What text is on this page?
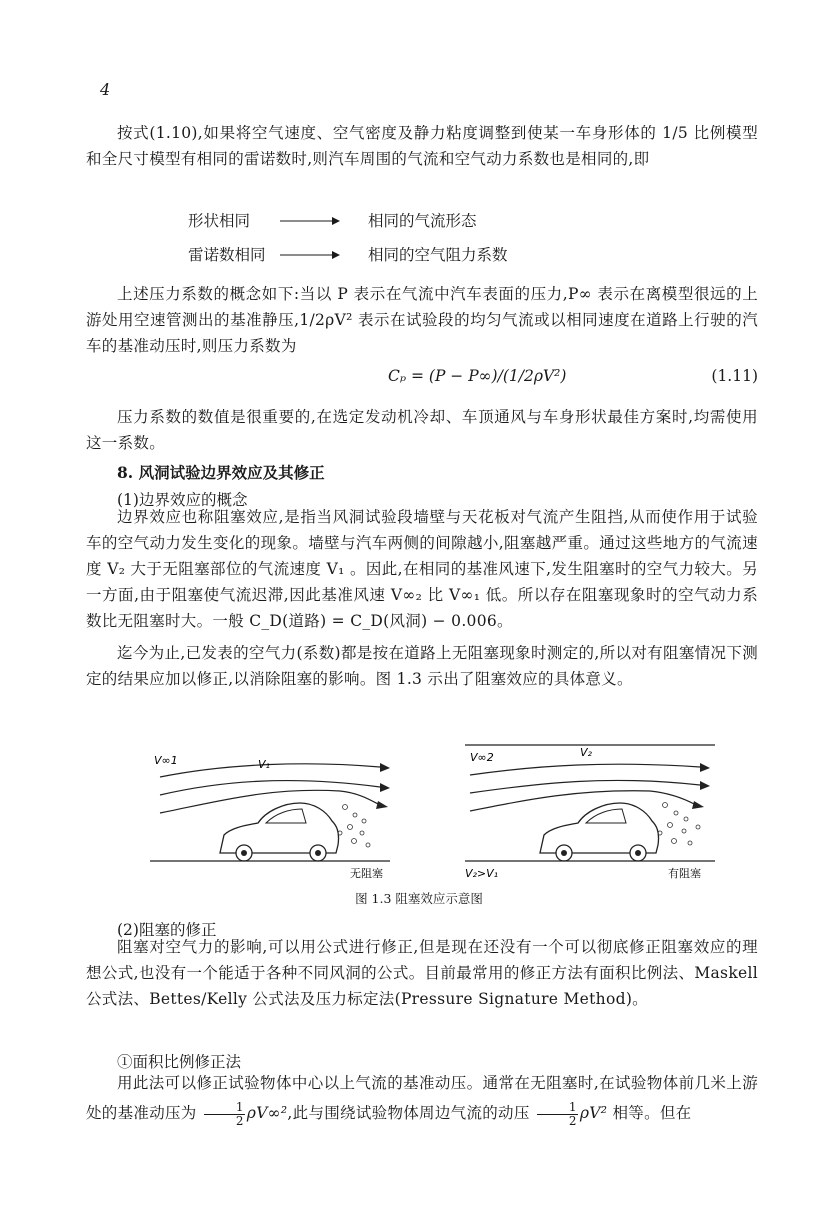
4
按式(1.10),如果将空气速度、空气密度及静力粘度调整到使某一车身形体的 1/5 比例模型和全尺寸模型有相同的雷诺数时,则汽车周围的气流和空气动力系数也是相同的,即
形状相同	相同的气流形态
雷诺数相同	相同的空气阻力系数
上述压力系数的概念如下:当以 P 表示在气流中汽车表面的压力,P∞ 表示在离模型很远的上游处用空速管测出的基准静压,1/2ρV² 表示在试验段的均匀气流或以相同速度在道路上行驶的汽车的基准动压时,则压力系数为
Cₚ = (P − P∞)/(1/2ρV²)	(1.11)
压力系数的数值是很重要的,在选定发动机冷却、车顶通风与车身形状最佳方案时,均需使用这一系数。
8. 风洞试验边界效应及其修正
(1)边界效应的概念
边界效应也称阻塞效应,是指当风洞试验段墙壁与天花板对气流产生阻挡,从而使作用于试验车的空气动力发生变化的现象。墙壁与汽车两侧的间隙越小,阻塞越严重。通过这些地方的气流速度 V₂ 大于无阻塞部位的气流速度 V₁ 。因此,在相同的基准风速下,发生阻塞时的空气力较大。另一方面,由于阻塞使气流迟滞,因此基准风速 V∞₂ 比 V∞₁ 低。所以存在阻塞现象时的空气动力系数比无阻塞时大。一般 C_D(道路) = C_D(风洞) − 0.006。
迄今为止,已发表的空气力(系数)都是按在道路上无阻塞现象时测定的,所以对有阻塞情况下测定的结果应加以修正,以消除阻塞的影响。图 1.3 示出了阻塞效应的具体意义。
V∞1	V₁
无阻塞
V∞2	V₂
V₂>V₁	有阻塞
图 1.3 阻塞效应示意图
(2)阻塞的修正
阻塞对空气力的影响,可以用公式进行修正,但是现在还没有一个可以彻底修正阻塞效应的理想公式,也没有一个能适于各种不同风洞的公式。目前最常用的修正方法有面积比例法、Maskell 公式法、Bettes/Kelly 公式法及压力标定法(Pressure Signature Method)。
①面积比例修正法
用此法可以修正试验物体中心以上气流的基准动压。通常在无阻塞时,在试验物体前几米上游处的基准动压为 $\frac{1}{2} \rho V\infty^2$,此与围绕试验物体周边气流的动压 $\frac{1}{2} \rho V^2$ 相等。但在
